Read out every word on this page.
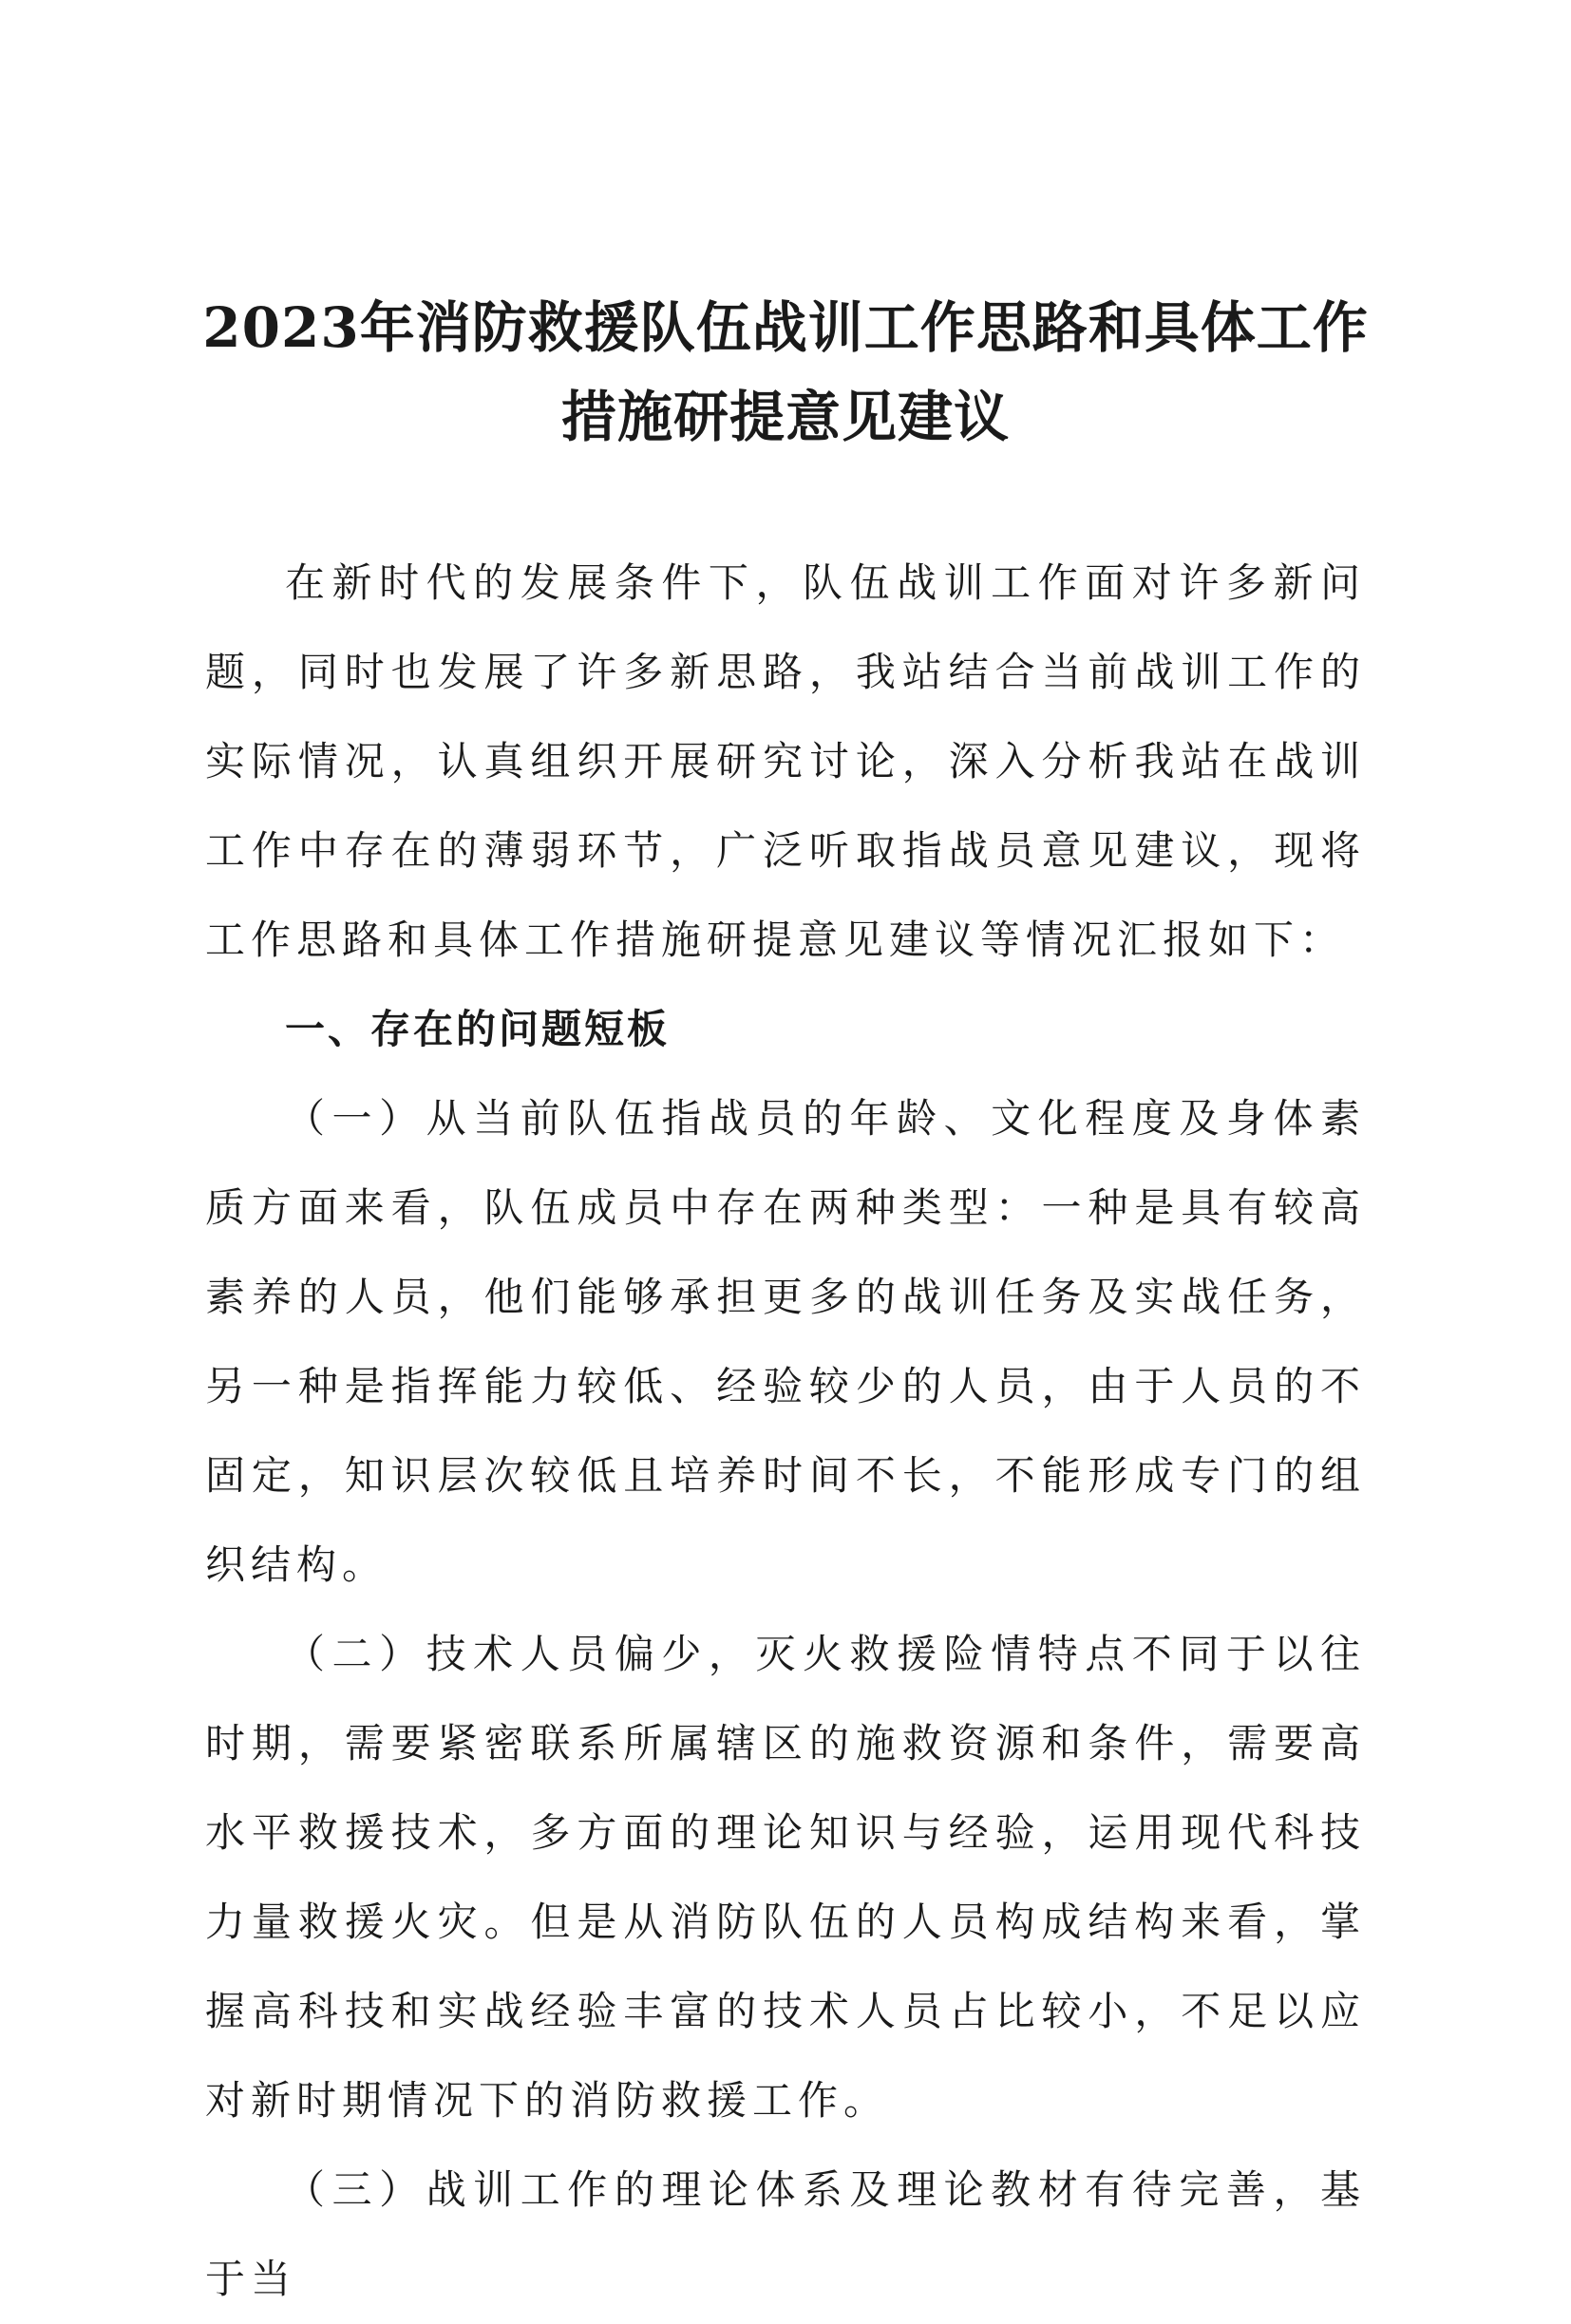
2023年消防救援队伍战训工作思路和具体工作
措施研提意见建议

在新时代的发展条件下，队伍战训工作面对许多新问题，同时也发展了许多新思路，我站结合当前战训工作的实际情况，认真组织开展研究讨论，深入分析我站在战训工作中存在的薄弱环节，广泛听取指战员意见建议，现将工作思路和具体工作措施研提意见建议等情况汇报如下：

一、存在的问题短板

（一）从当前队伍指战员的年龄、文化程度及身体素质方面来看，队伍成员中存在两种类型：一种是具有较高素养的人员，他们能够承担更多的战训任务及实战任务，另一种是指挥能力较低、经验较少的人员，由于人员的不固定，知识层次较低且培养时间不长，不能形成专门的组织结构。

（二）技术人员偏少，灭火救援险情特点不同于以往时期，需要紧密联系所属辖区的施救资源和条件，需要高水平救援技术，多方面的理论知识与经验，运用现代科技力量救援火灾。但是从消防队伍的人员构成结构来看，掌握高科技和实战经验丰富的技术人员占比较小，不足以应对新时期情况下的消防救援工作。

（三）战训工作的理论体系及理论教材有待完善，基于当
